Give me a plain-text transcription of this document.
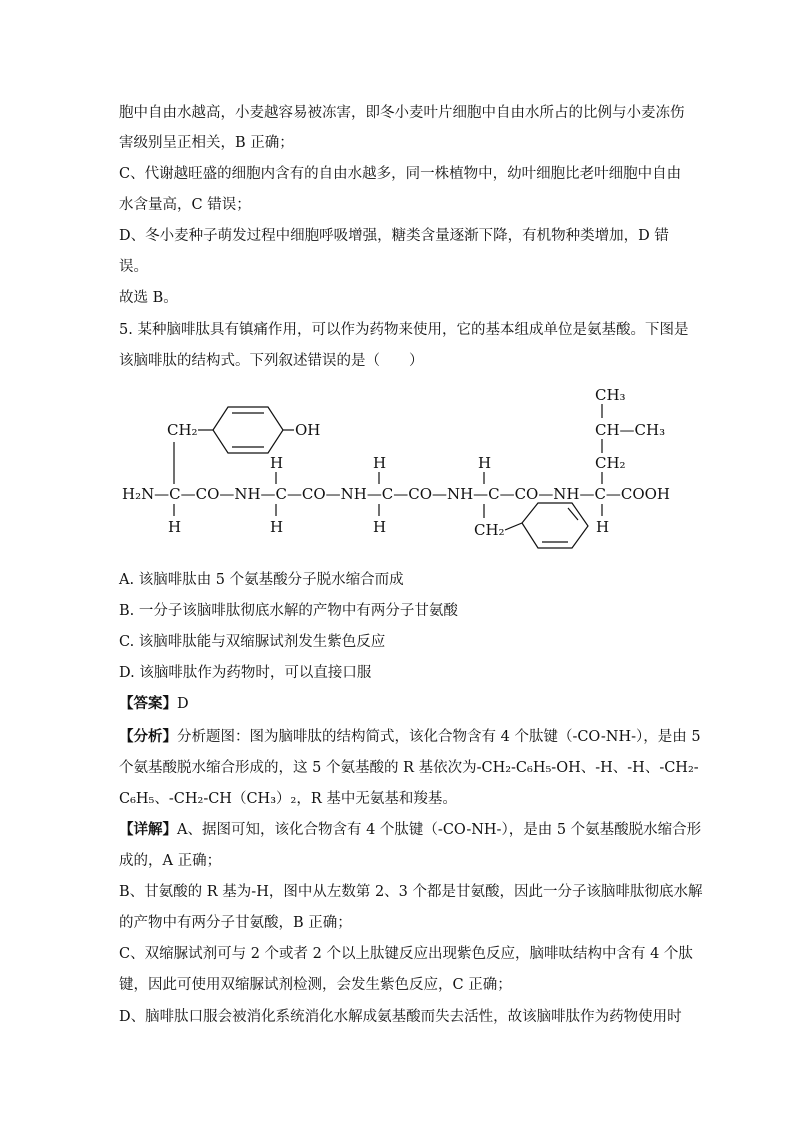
胞中自由水越高，小麦越容易被冻害，即冬小麦叶片细胞中自由水所占的比例与小麦冻伤
害级别呈正相关，B 正确；
C、代谢越旺盛的细胞内含有的自由水越多，同一株植物中，幼叶细胞比老叶细胞中自由
水含量高，C 错误；
D、冬小麦种子萌发过程中细胞呼吸增强，糖类含量逐渐下降，有机物种类增加，D 错
误。
故选 B。
5. 某种脑啡肽具有镇痛作用，可以作为药物来使用，它的基本组成单位是氨基酸。下图是
该脑啡肽的结构式。下列叙述错误的是（　　）
CH₃
CH—CH₃
CH₂
CH₂	OH
H	H	H
H₂N—C—CO—NH—C—CO—NH—C—CO—NH—C—CO—NH—C—COOH
H	H	H	CH₂	H
A. 该脑啡肽由 5 个氨基酸分子脱水缩合而成
B. 一分子该脑啡肽彻底水解的产物中有两分子甘氨酸
C. 该脑啡肽能与双缩脲试剂发生紫色反应
D. 该脑啡肽作为药物时，可以直接口服
【答案】D
【分析】分析题图：图为脑啡肽的结构简式，该化合物含有 4 个肽键（-CO-NH-），是由 5
个氨基酸脱水缩合形成的，这 5 个氨基酸的 R 基依次为-CH₂-C₆H₅-OH、-H、-H、-CH₂-
C₆H₅、-CH₂-CH（CH₃）₂，R 基中无氨基和羧基。
【详解】A、据图可知，该化合物含有 4 个肽键（-CO-NH-），是由 5 个氨基酸脱水缩合形
成的，A 正确；
B、甘氨酸的 R 基为-H，图中从左数第 2、3 个都是甘氨酸，因此一分子该脑啡肽彻底水解
的产物中有两分子甘氨酸，B 正确；
C、双缩脲试剂可与 2 个或者 2 个以上肽键反应出现紫色反应，脑啡呔结构中含有 4 个肽
键，因此可使用双缩脲试剂检测，会发生紫色反应，C 正确；
D、脑啡肽口服会被消化系统消化水解成氨基酸而失去活性，故该脑啡肽作为药物使用时
